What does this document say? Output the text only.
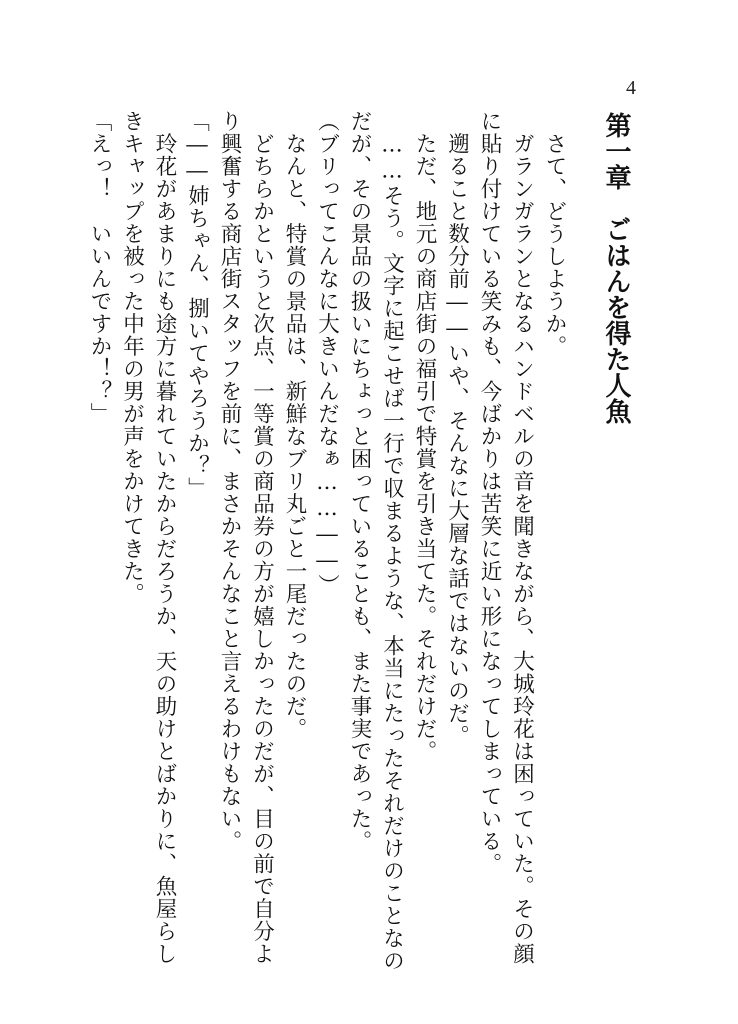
4
第一章ごはんを得た人魚
　さて、どうしようか。
　ガランガランとなるハンドベルの音を聞きながら、大城玲花は困っていた。その顔
に貼り付けている笑みも、今ばかりは苦笑に近い形になってしまっている。
　遡ること数分前――いや、そんなに大層な話ではないのだ。
　ただ、地元の商店街の福引で特賞を引き当てた。それだけだ。
　……そう。文字に起こせば一行で収まるような、本当にたったそれだけのことなの
だが、その景品の扱いにちょっと困っていることも、また事実であった。
（ブリってこんなに大きいんだなぁ……――）
　なんと、特賞の景品は、新鮮なブリ丸ごと一尾だったのだ。
　どちらかというと次点、一等賞の商品券の方が嬉しかったのだが、目の前で自分よ
り興奮する商店街スタッフを前に、まさかそんなこと言えるわけもない。
「――姉ちゃん、捌いてやろうか？」
　玲花があまりにも途方に暮れていたからだろうか、天の助けとばかりに、魚屋らし
きキャップを被った中年の男が声をかけてきた。
「えっ！　いいんですか！？」
